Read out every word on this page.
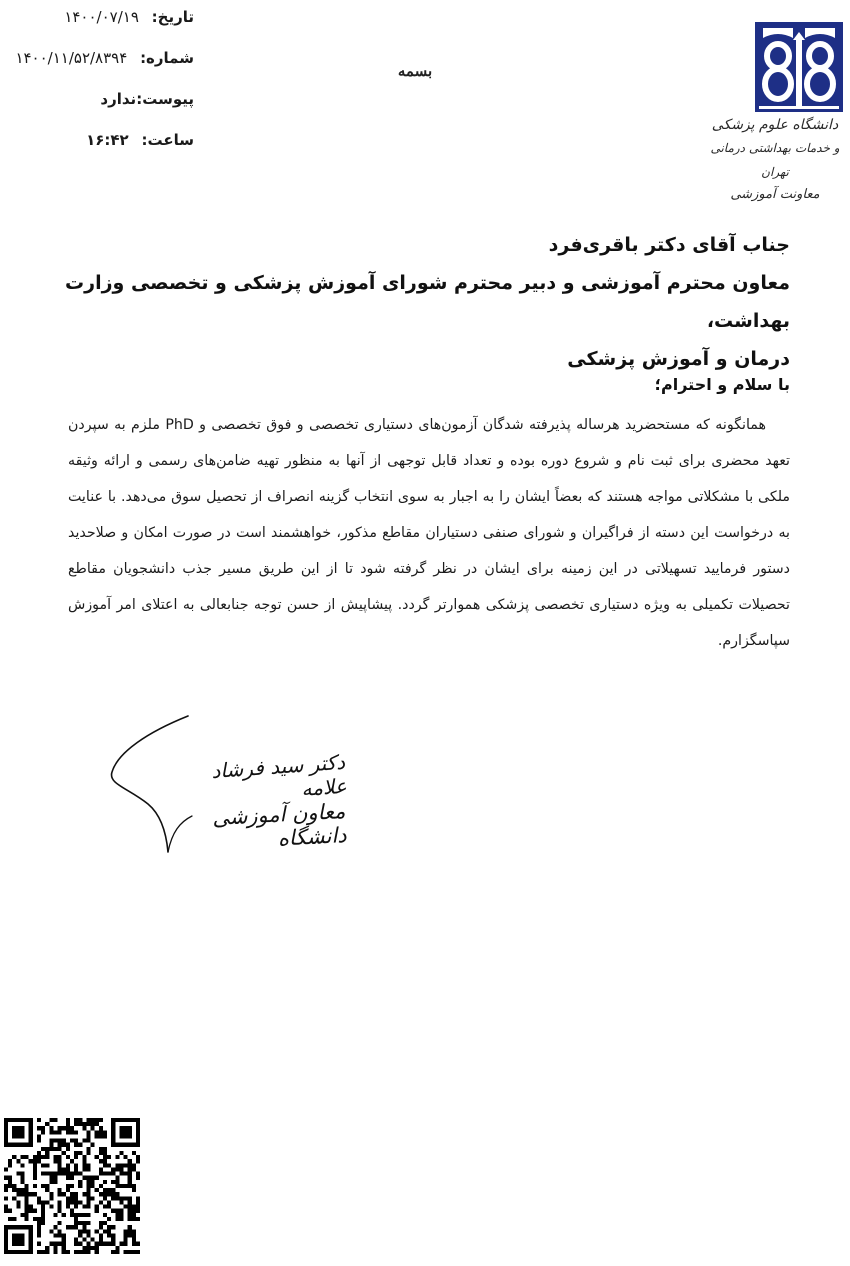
تاریخ: ۱۴۰۰/۰۷/۱۹
شماره: ۱۴۰۰/۱۱/۵۲/۸۳۹۴
پیوست:ندارد
ساعت: ۱۶:۴۲
بسمه
دانشگاه علوم پزشکی
و خدمات بهداشتی درمانی تهران
معاونت آموزشی
جناب آقای دکتر باقری‌فرد
معاون محترم آموزشی و دبیر محترم شورای آموزش پزشکی و تخصصی وزارت بهداشت،
درمان و آموزش پزشکی
با سلام و احترام؛
همانگونه که مستحضرید هرساله پذیرفته شدگان آزمون‌های دستیاری تخصصی و فوق تخصصی و PhD ملزم به سپردن تعهد محضری برای ثبت نام و شروع دوره بوده و تعداد قابل توجهی از آنها به منظور تهیه ضامن‌های رسمی و ارائه وثیقه ملکی با مشکلاتی مواجه هستند که بعضاً ایشان را به اجبار به سوی انتخاب گزینه انصراف از تحصیل سوق می‌دهد. با عنایت به درخواست این دسته از فراگیران و شورای صنفی دستیاران مقاطع مذکور، خواهشمند است در صورت امکان و صلاحدید دستور فرمایید تسهیلاتی در این زمینه برای ایشان در نظر گرفته شود تا از این طریق مسیر جذب دانشجویان مقاطع تحصیلات تکمیلی به ویژه دستیاری تخصصی پزشکی هموارتر گردد. پیشاپیش از حسن توجه جنابعالی به اعتلای امر آموزش سپاسگزارم.
دکتر سید فرشاد علامه
معاون آموزشی دانشگاه
